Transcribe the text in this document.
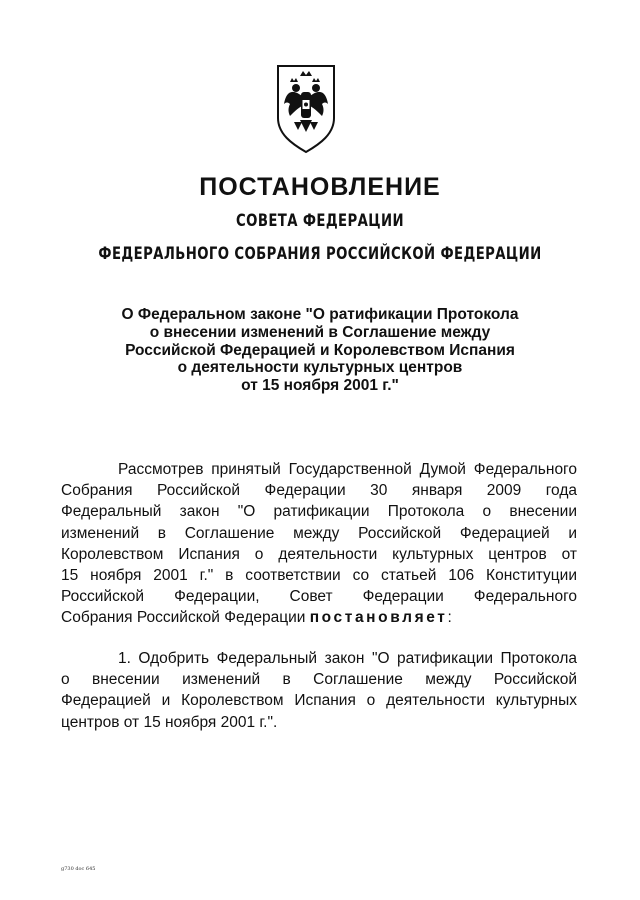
ПОСТАНОВЛЕНИЕ
СОВЕТА ФЕДЕРАЦИИ
ФЕДЕРАЛЬНОГО СОБРАНИЯ РОССИЙСКОЙ ФЕДЕРАЦИИ
О Федеральном законе "О ратификации Протокола
о внесении изменений в Соглашение между
Российской Федерацией и Королевством Испания
о деятельности культурных центров
от 15 ноября 2001 г."
Рассмотрев принятый Государственной Думой Федерального
Собрания Российской Федерации 30 января 2009 года
Федеральный закон "О ратификации Протокола о внесении
изменений в Соглашение между Российской Федерацией и
Королевством Испания о деятельности культурных центров от
15 ноября 2001 г." в соответствии со статьей 106 Конституции
Российской Федерации, Совет Федерации Федерального
Собрания Российской Федерации постановляет:
1. Одобрить Федеральный закон "О ратификации Протокола
о внесении изменений в Соглашение между Российской
Федерацией и Королевством Испания о деятельности культурных
центров от 15 ноября 2001 г.".
g730 doc 645
